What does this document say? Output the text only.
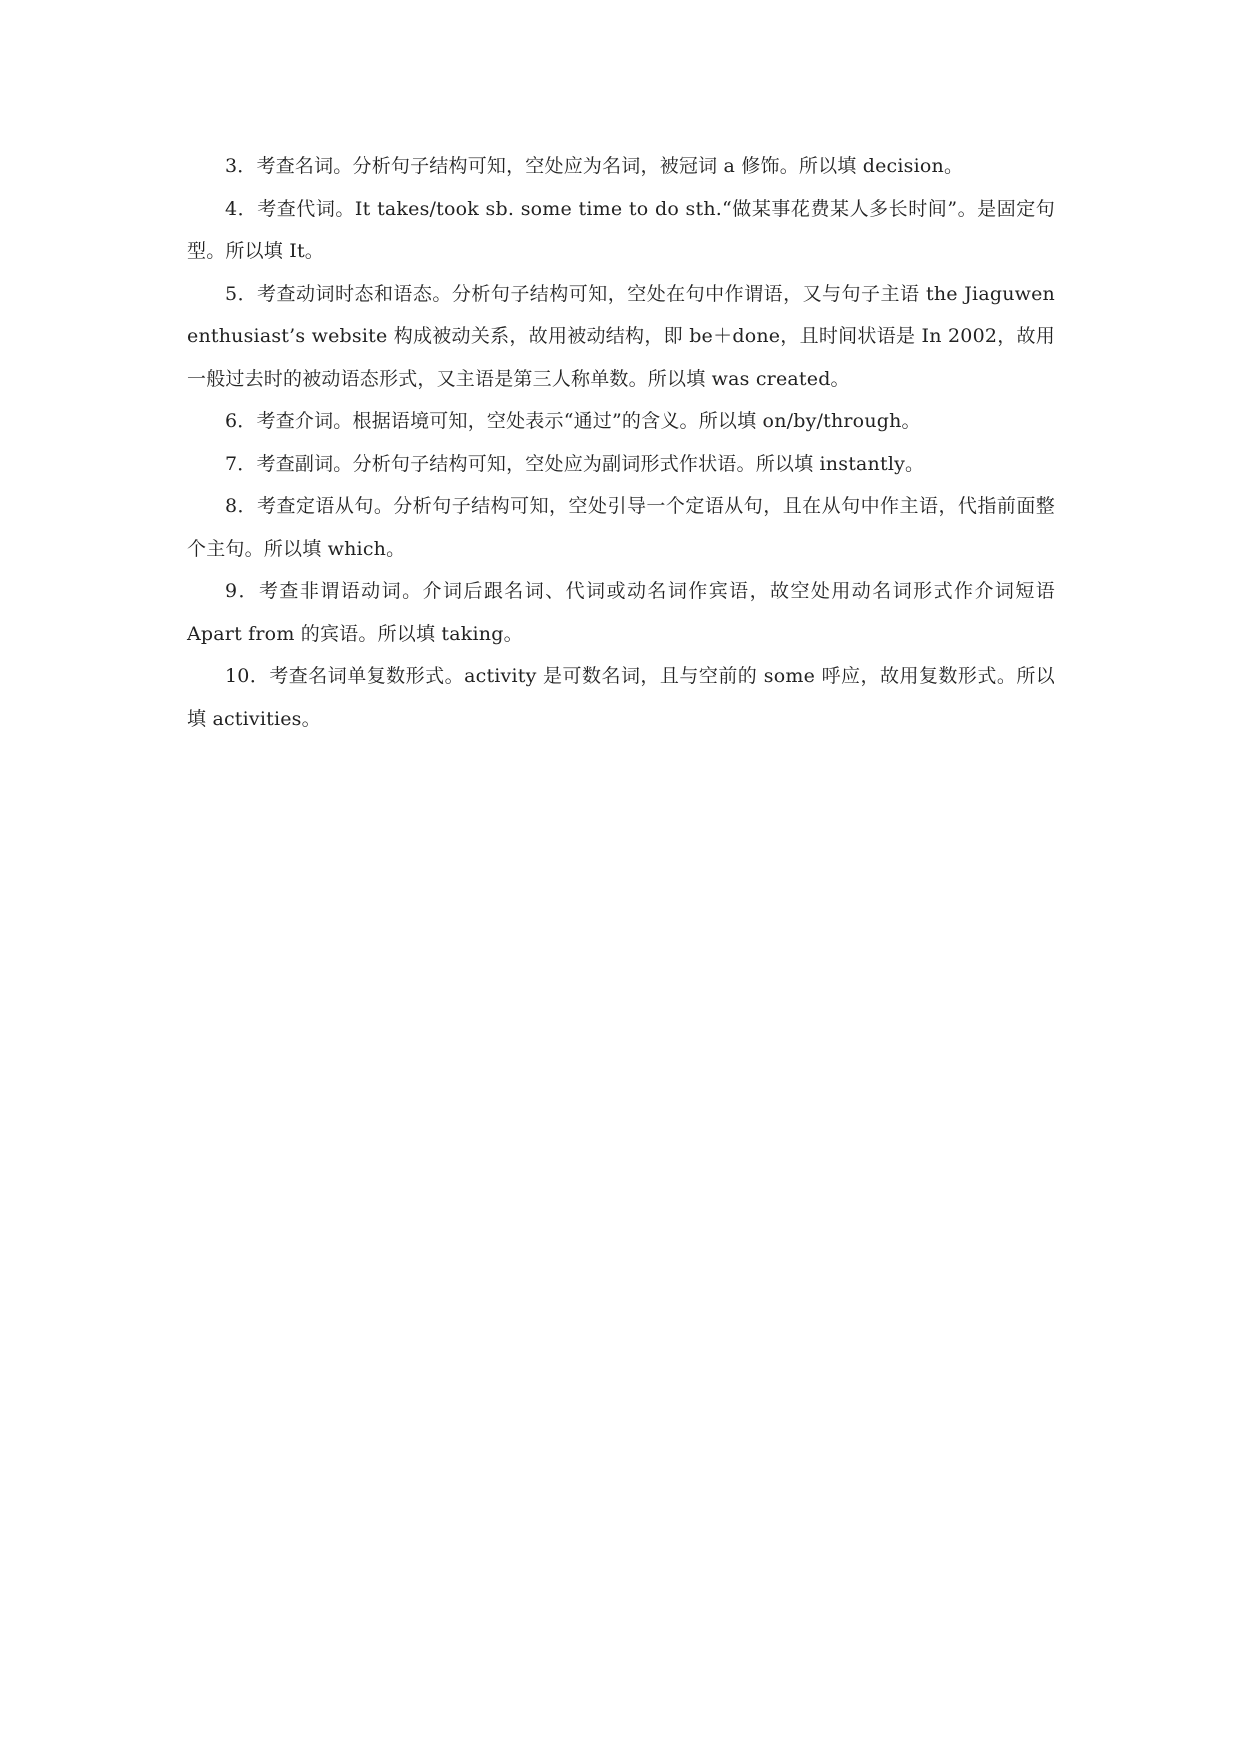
3．考查名词。分析句子结构可知，空处应为名词，被冠词 a 修饰。所以填 decision。

4．考查代词。It takes/took sb. some time to do sth.“做某事花费某人多长时间”。是固定句型。所以填 It。

5．考查动词时态和语态。分析句子结构可知，空处在句中作谓语，又与句子主语 the Jiaguwen enthusiast’s website 构成被动关系，故用被动结构，即 be＋done，且时间状语是 In 2002，故用一般过去时的被动语态形式，又主语是第三人称单数。所以填 was created。

6．考查介词。根据语境可知，空处表示“通过”的含义。所以填 on/by/through。

7．考查副词。分析句子结构可知，空处应为副词形式作状语。所以填 instantly。

8．考查定语从句。分析句子结构可知，空处引导一个定语从句，且在从句中作主语，代指前面整个主句。所以填 which。

9．考查非谓语动词。介词后跟名词、代词或动名词作宾语，故空处用动名词形式作介词短语 Apart from 的宾语。所以填 taking。

10．考查名词单复数形式。activity 是可数名词，且与空前的 some 呼应，故用复数形式。所以填 activities。
